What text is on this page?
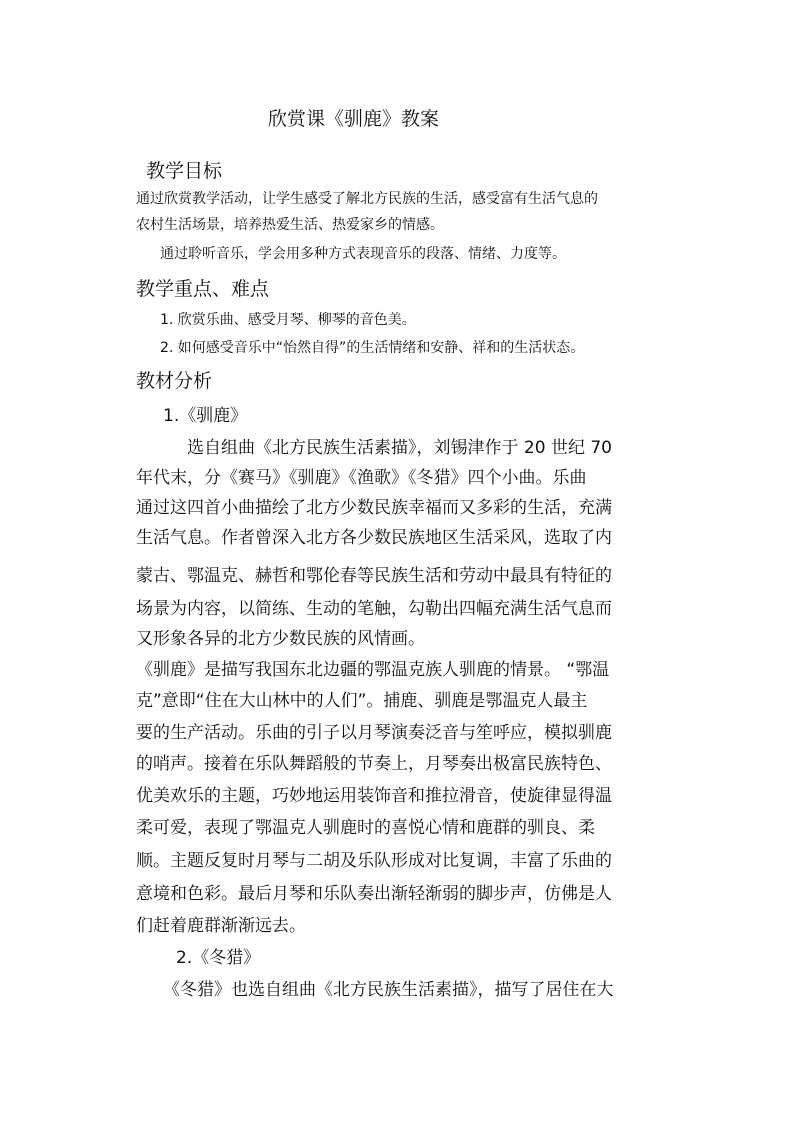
欣赏课《驯鹿》教案
教学目标
通过欣赏教学活动，让学生感受了解北方民族的生活，感受富有生活气息的
农村生活场景，培养热爱生活、热爱家乡的情感。
通过聆听音乐，学会用多种方式表现音乐的段落、情绪、力度等。
教学重点、难点
1. 欣赏乐曲、感受月琴、柳琴的音色美。
2. 如何感受音乐中“怡然自得”的生活情绪和安静、祥和的生活状态。
教材分析
1.《驯鹿》
选自组曲《北方民族生活素描》，刘锡津作于 20 世纪 70
年代末，分《赛马》《驯鹿》《渔歌》《冬猎》四个小曲。乐曲
通过这四首小曲描绘了北方少数民族幸福而又多彩的生活，充满
生活气息。作者曾深入北方各少数民族地区生活采风，选取了内
蒙古、鄂温克、赫哲和鄂伦春等民族生活和劳动中最具有特征的
场景为内容，以简练、生动的笔触，勾勒出四幅充满生活气息而
又形象各异的北方少数民族的风情画。
《驯鹿》是描写我国东北边疆的鄂温克族人驯鹿的情景。 “鄂温
克”意即“住在大山林中的人们”。捕鹿、驯鹿是鄂温克人最主
要的生产活动。乐曲的引子以月琴演奏泛音与笙呼应，模拟驯鹿
的哨声。接着在乐队舞蹈般的节奏上，月琴奏出极富民族特色、
优美欢乐的主题，巧妙地运用装饰音和推拉滑音，使旋律显得温
柔可爱，表现了鄂温克人驯鹿时的喜悦心情和鹿群的驯良、柔
顺。主题反复时月琴与二胡及乐队形成对比复调，丰富了乐曲的
意境和色彩。最后月琴和乐队奏出渐轻渐弱的脚步声，仿佛是人
们赶着鹿群渐渐远去。
2.《冬猎》
《冬猎》也选自组曲《北方民族生活素描》，描写了居住在大
